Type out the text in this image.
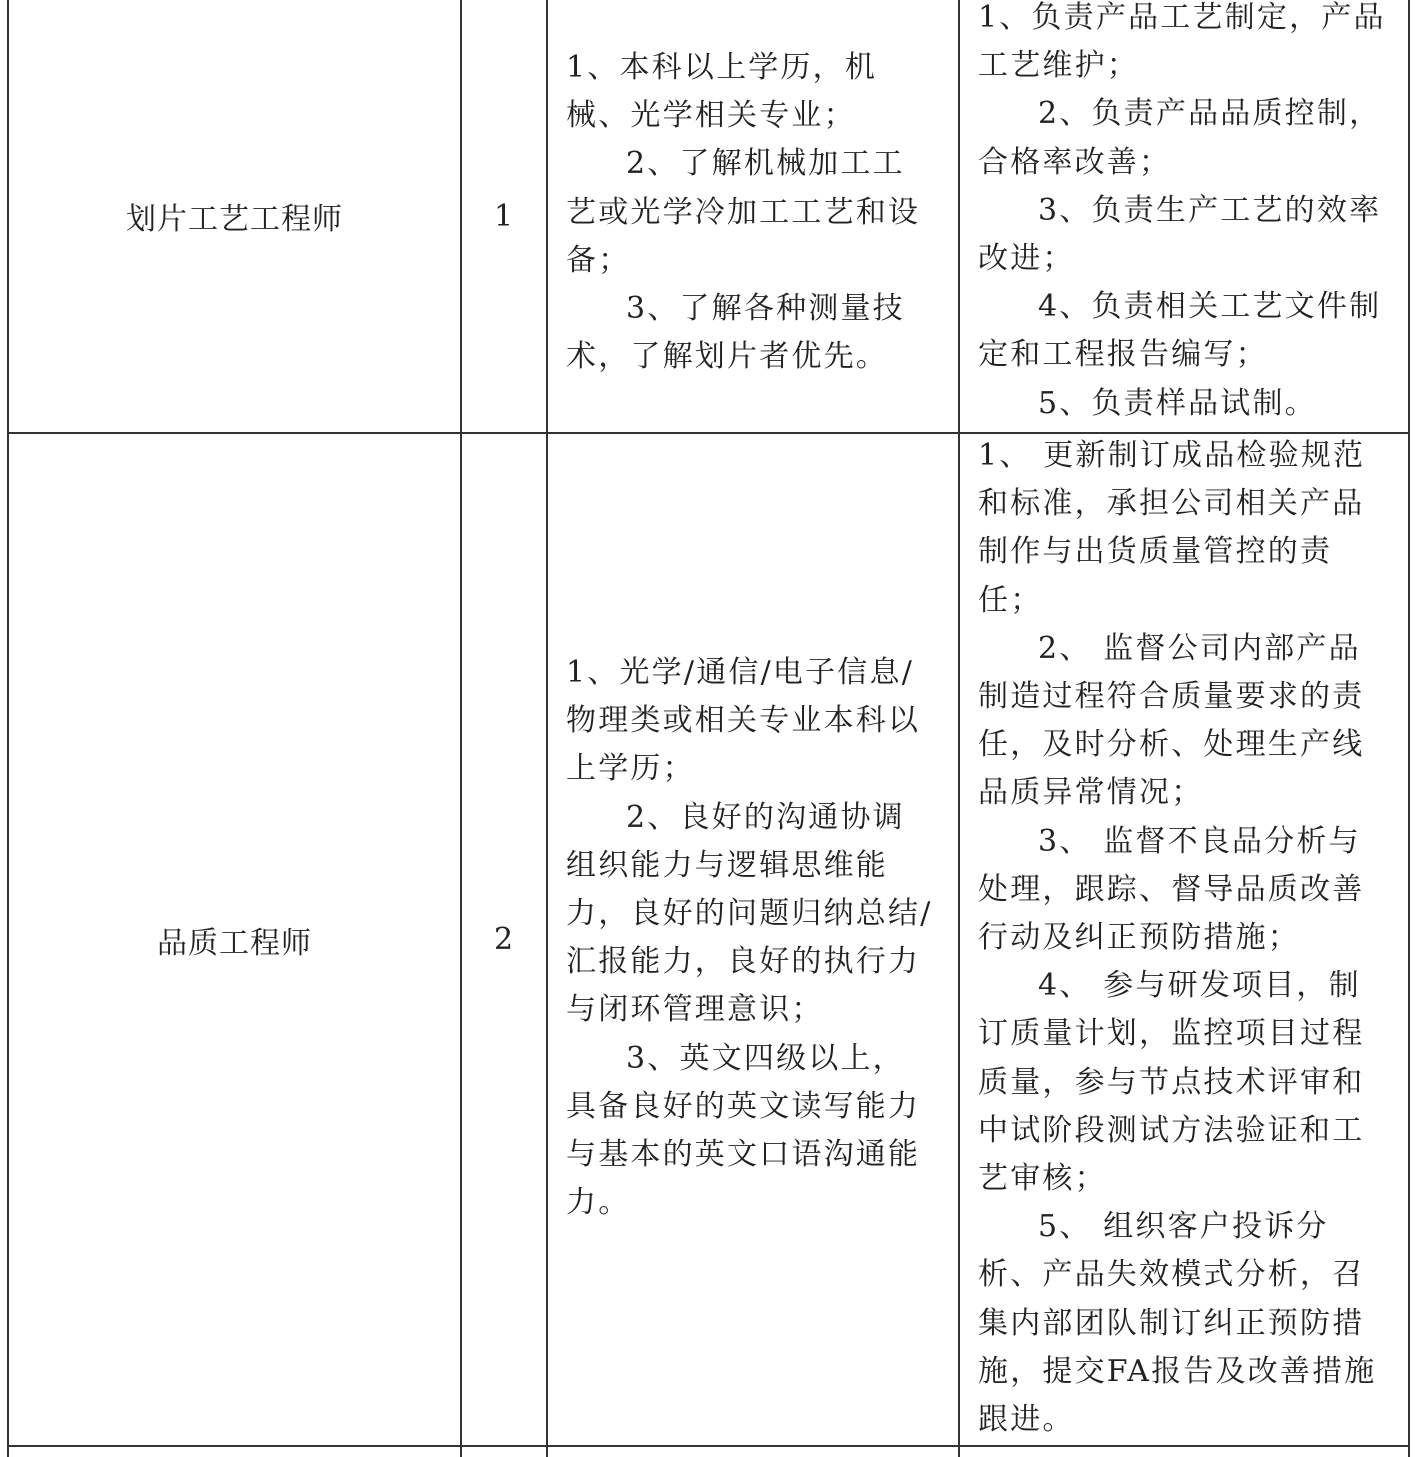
划片工艺工程师	1

1、本科以上学历，机械、光学相关专业；

2、了解机械加工工艺或光学冷加工工艺和设备；

3、了解各种测量技术，了解划片者优先。

1、负责产品工艺制定，产品工艺维护；

2、负责产品品质控制，合格率改善；

3、负责生产工艺的效率改进；

4、负责相关工艺文件制定和工程报告编写；

5、负责样品试制。

品质工程师	2

1、光学/通信/电子信息/物理类或相关专业本科以上学历；

2、良好的沟通协调组织能力与逻辑思维能力，良好的问题归纳总结/汇报能力，良好的执行力与闭环管理意识；

3、英文四级以上，具备良好的英文读写能力与基本的英文口语沟通能力。

1、 更新制订成品检验规范和标准，承担公司相关产品制作与出货质量管控的责任；

2、 监督公司内部产品制造过程符合质量要求的责任，及时分析、处理生产线品质异常情况；

3、 监督不良品分析与处理，跟踪、督导品质改善行动及纠正预防措施；

4、 参与研发项目，制订质量计划，监控项目过程质量，参与节点技术评审和中试阶段测试方法验证和工艺审核；

5、 组织客户投诉分析、产品失效模式分析，召集内部团队制订纠正预防措施，提交FA报告及改善措施跟进。
